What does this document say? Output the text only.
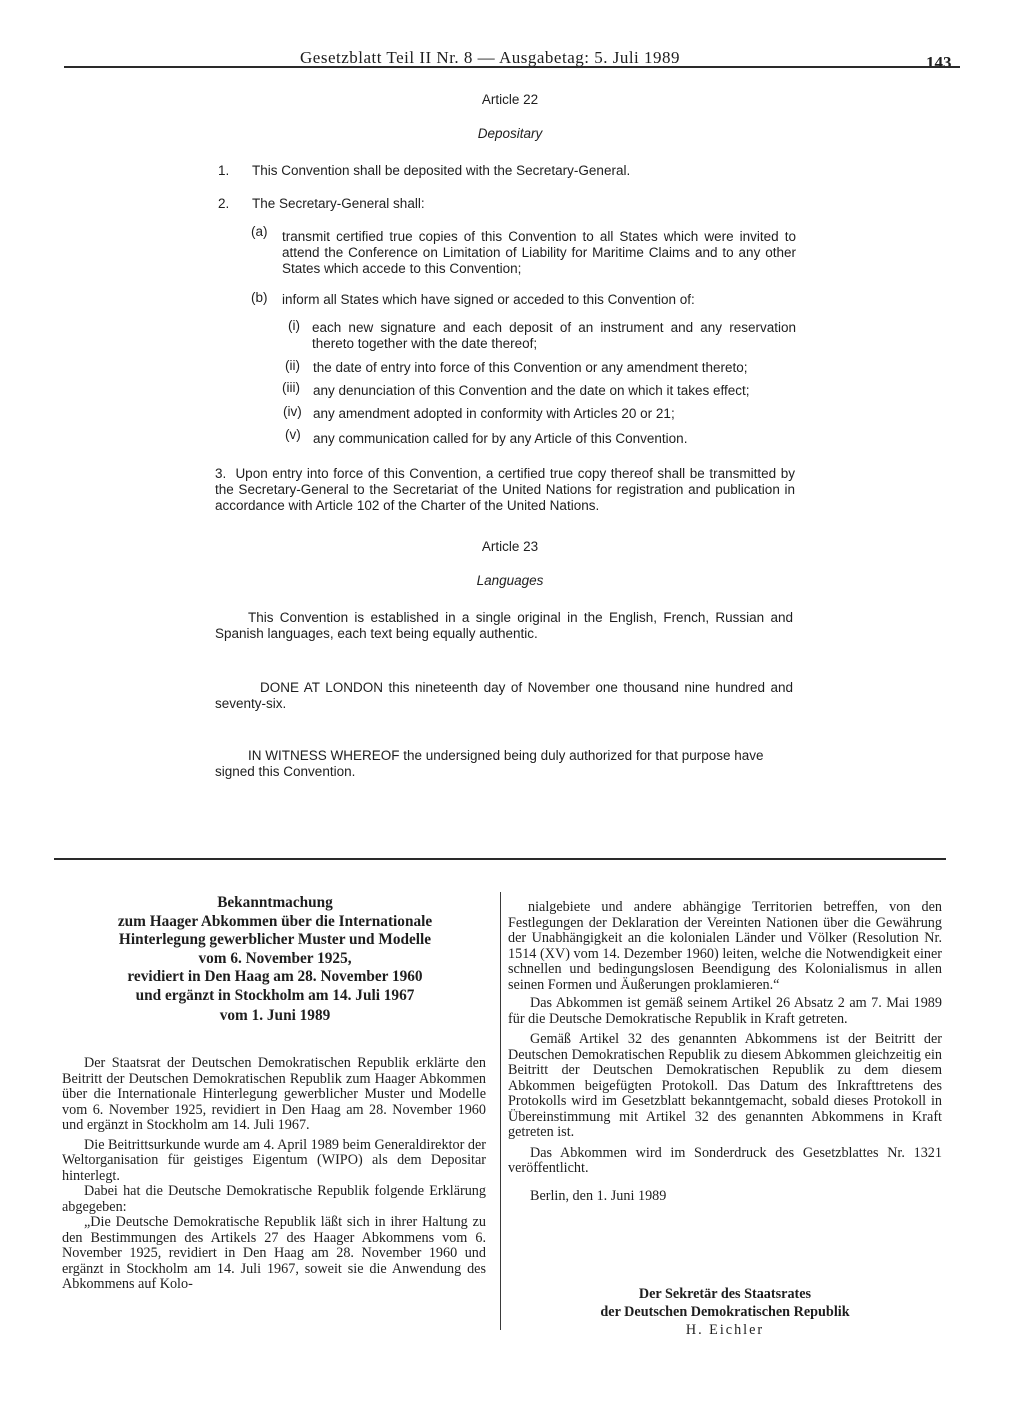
Gesetzblatt Teil II Nr. 8 — Ausgabetag: 5. Juli 1989	143
Article 22
Depositary
1. This Convention shall be deposited with the Secretary-General.
2. The Secretary-General shall:
(a) transmit certified true copies of this Convention to all States which were invited to attend the Conference on Limitation of Liability for Maritime Claims and to any other States which accede to this Convention;
(b) inform all States which have signed or acceded to this Convention of:
(i) each new signature and each deposit of an instrument and any reservation thereto together with the date thereof;
(ii) the date of entry into force of this Convention or any amendment thereto;
(iii) any denunciation of this Convention and the date on which it takes effect;
(iv) any amendment adopted in conformity with Articles 20 or 21;
(v) any communication called for by any Article of this Convention.
3. Upon entry into force of this Convention, a certified true copy thereof shall be transmitted by the Secretary-General to the Secretariat of the United Nations for registration and publication in accordance with Article 102 of the Charter of the United Nations.
Article 23
Languages
This Convention is established in a single original in the English, French, Russian and Spanish languages, each text being equally authentic.
DONE AT LONDON this nineteenth day of November one thousand nine hundred and seventy-six.
IN WITNESS WHEREOF the undersigned being duly authorized for that purpose have signed this Convention.
Bekanntmachung
zum Haager Abkommen über die Internationale
Hinterlegung gewerblicher Muster und Modelle
vom 6. November 1925,
revidiert in Den Haag am 28. November 1960
und ergänzt in Stockholm am 14. Juli 1967
vom 1. Juni 1989

Der Staatsrat der Deutschen Demokratischen Republik erklärte den Beitritt der Deutschen Demokratischen Republik zum Haager Abkommen über die Internationale Hinterlegung gewerblicher Muster und Modelle vom 6. November 1925, revidiert in Den Haag am 28. November 1960 und ergänzt in Stockholm am 14. Juli 1967.

Die Beitrittsurkunde wurde am 4. April 1989 beim Generaldirektor der Weltorganisation für geistiges Eigentum (WIPO) als dem Depositar hinterlegt.

Dabei hat die Deutsche Demokratische Republik folgende Erklärung abgegeben:

„Die Deutsche Demokratische Republik läßt sich in ihrer Haltung zu den Bestimmungen des Artikels 27 des Haager Abkommens vom 6. November 1925, revidiert in Den Haag am 28. November 1960 und ergänzt in Stockholm am 14. Juli 1967, soweit sie die Anwendung des Abkommens auf Kolo-

nialgebiete und andere abhängige Territorien betreffen, von den Festlegungen der Deklaration der Vereinten Nationen über die Gewährung der Unabhängigkeit an die kolonialen Länder und Völker (Resolution Nr. 1514 (XV) vom 14. Dezember 1960) leiten, welche die Notwendigkeit einer schnellen und bedingungslosen Beendigung des Kolonialismus in allen seinen Formen und Äußerungen proklamieren.“

Das Abkommen ist gemäß seinem Artikel 26 Absatz 2 am 7. Mai 1989 für die Deutsche Demokratische Republik in Kraft getreten.

Gemäß Artikel 32 des genannten Abkommens ist der Beitritt der Deutschen Demokratischen Republik zu diesem Abkommen gleichzeitig ein Beitritt der Deutschen Demokratischen Republik zu dem diesem Abkommen beigefügten Protokoll. Das Datum des Inkrafttretens des Protokolls wird im Gesetzblatt bekanntgemacht, sobald dieses Protokoll in Übereinstimmung mit Artikel 32 des genannten Abkommens in Kraft getreten ist.

Das Abkommen wird im Sonderdruck des Gesetzblattes Nr. 1321 veröffentlicht.

Berlin, den 1. Juni 1989

Der Sekretär des Staatsrates
der Deutschen Demokratischen Republik
H. Eichler
